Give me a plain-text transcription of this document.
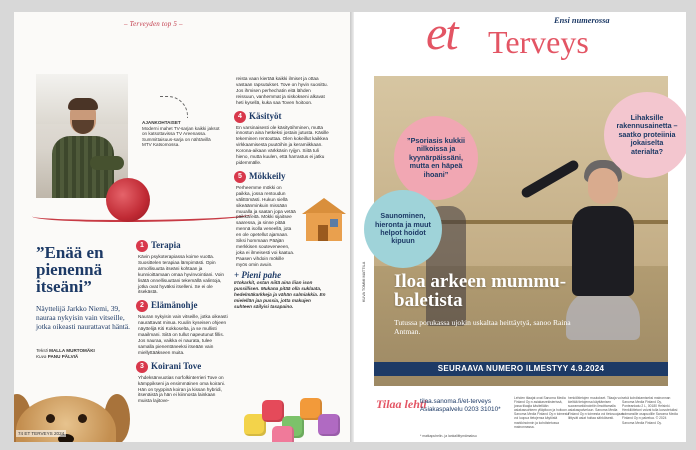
– Terveyden top 5 –
AJANKOHTAISET
Moderni mahet TV-sarjan kaikki jaksot on katsottavissa TV Areenassa. Summittaisuus-sarja on nähtävillä MTV Katsomossa.
”Enää en pienennä itseäni”
Näyttelijä Jarkko Niemi, 39, nauraa nykyisin vain vitseille, jotka oikeasti naurattavat häntä.
Teksti MALLA MURTOMÄKI
Kuva PANU PÄLVIÄ
74 ET TERVEYS 2024
1 Terapia
Kävin psykoterapiassa koime vuotta. Suosittelen terapiaa lämpimästi. Opin armollisuutta itseäni kohtaan ja kunnioittamaan omaa hyvinvointiani. Voin lisätä onnellisuuttani tekemällä valintoja, jotka ovat hyväksi itselleni. Se ei ole itsekästä.
2 Elämänohje
Nauran nykyisin vain vitseille, jotka oikeasti naurattavat minua. Kuulin kyseisen ohjeen näyttelijä Kiti Kokkoselta, ja se mullisti maailmani. Siitä on tullut napeutunut fillis. Jos nauraa, vaikka ei naurata, tulee samalla pienentäneeksi itseään vain miellyttääkseen muita.
3 Koirani Tove
Yhdeksänvuotias norfolkinterrieri Tove on kämppikseni ja ensimmäinen oma koirani. Hän on tyyppinä koiran ja kissan hybridi, itsenäistä ja hän ei kiinnosta lainkaan muista lajitove-
reista vaan kiertää kaikki ilmiset ja ottaa vastaan rapsutukset. Tove on hyvin suosittu. Jos ihmisen perhechatin eitä lähden reissuun, vanhemmat ja siskokseni alkavat heti kysellä, kuka saa Toven hoitoon.
4 Käsityöt
En varsinaisesti ole käsityöihminen, mutta innostun aina hetkeksi jostain jutusta. Käsille tekeminen rentouttaa. Olen kokeillut kaikkea virkkaamisesta puutöihin ja keramiikkaan. Korona-aikaan värkkäsin ryijyn. Siitä tuli hieno, mutta kuulen, että harrastus ei jatku pidemmälle.
5 Mökkeily
Perheemme mökki on paikka, jossa rentoudun välittömästi. Hukun siellä sikeäänminkuin missään muualla ja saatan jopa vetää päikkäreitä. Mökki sijaitsee saaressa, ja sinne pitää mennä isolla veneellä, jota en ole opetellut ajamaan. Siksi hommaan Pääjän merkkisen souteveneeen, joka ei ilmeisesti voi kaatua. Paasen vihdoin mökille myös omin avuin.
+ Pieni pahe
Irtokarkit, ostan niitä aina liian ison pussillisen. Mukana pitää olla suklaata, hedelmäkarkkeja ja vähän salmiakkia. En mielellän jaa pussia, jotta makujen suhteen säilyisi tasapaino.
et Terveys
Ensi numerossa
Lihaksille rakennusainetta – saatko proteiinia jokaiselta aterialta?
”Psoriasis kukkii nilkoissa ja kyynärpäissäni, mutta en häpeä ihoani”
Saunominen, hieronta ja muut helpot hoidot kipuun
Iloa arkeen mummu-baletista
Tutussa porukassa ujokin uskaltaa heittäytyä, sanoo Raina Antman.
SEURAAVA NUMERO ILMESTYY 4.9.2024
KUVA TOMMI MATTILA
Tilaa lehti
tilaa.sanoma.fi/et-terveys
Asiakaspalvelu 0203 31010*
* matkapuhelin- ja lankaliittymämaksu
Lehden tilaajat ovat Sanoma Media Finland Oy:n asiakasrekisterissä, jossa tilaajia käsitellään asiakassuhteen ylläpitoon ja hoitoon. Sanoma Media Finland Oy:n toimesta voi luopua tietojensa käytöstä markkinoinnin ja kohdistetussa mainonnassa.
henkilötietojen muutokset. Tilaaja voi kieltää tietojensa käyttämisen suoramarkkinointiin ilmoittamalla asiakaspalveluun. Sanoma Media Finland Oy:n toimesta voi tietosuojaan liittyvät asiat hoitaa sähköisesti.
sekä kohdistamiseksi mainonnan Sanoma Media Finland Oy, Ponteankatu 2 L, 00180 Helsinki. Henkilötietoni voivat tulla luovutetuiksi kolmansille osapuolille Sanoma Media Finland Oy:n palvelua. © 2024 Sanoma Media Finland Oy.
